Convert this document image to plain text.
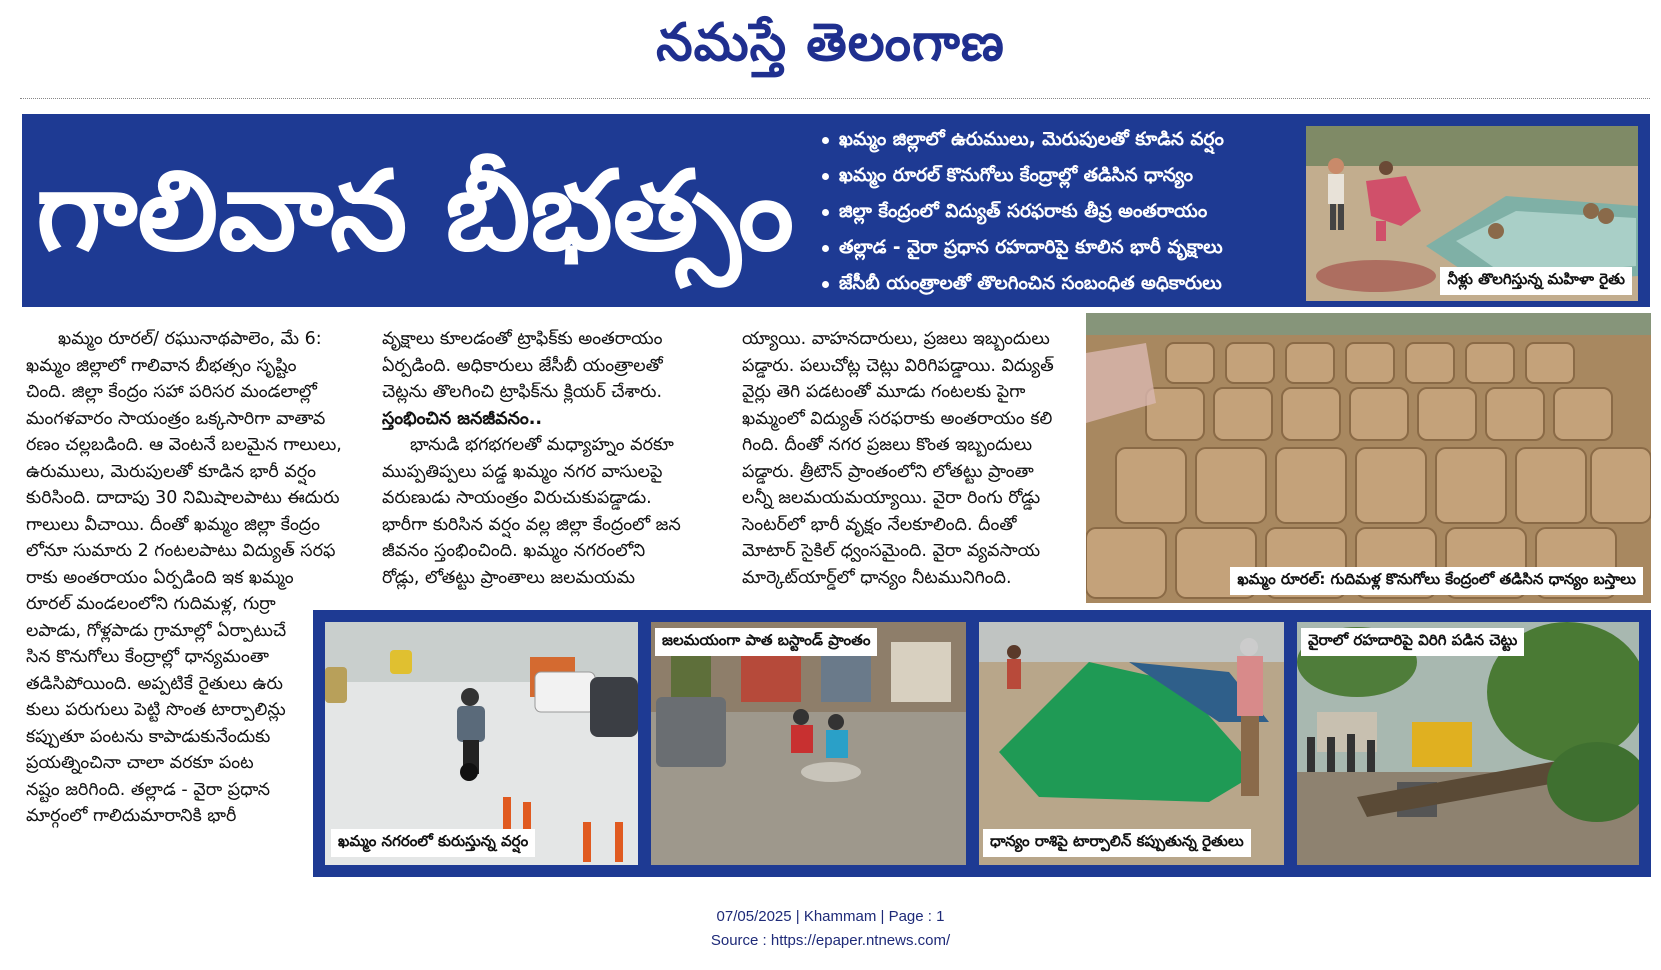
నమస్తే తెలంగాణ
గాలివాన బీభత్సం
ఖమ్మం జిల్లాలో ఉరుములు, మెరుపులతో కూడిన వర్షం
ఖమ్మం రూరల్ కొనుగోలు కేంద్రాల్లో తడిసిన ధాన్యం
జిల్లా కేంద్రంలో విద్యుత్ సరఫరాకు తీవ్ర అంతరాయం
తల్లాడ - వైరా ప్రధాన రహదారిపై కూలిన భారీ వృక్షాలు
జేసీబీ యంత్రాలతో తొలగించిన సంబంధిత అధికారులు	నీళ్లు తొలగిస్తున్న మహిళా రైతు
ఖమ్మం రూరల్/ రఘునాథపాలెం, మే 6:
ఖమ్మం జిల్లాలో గాలివాన బీభత్సం సృష్టిం
చింది. జిల్లా కేంద్రం సహా పరిసర మండలాల్లో
మంగళవారం సాయంత్రం ఒక్కసారిగా వాతావ
రణం చల్లబడింది. ఆ వెంటనే బలమైన గాలులు,
ఉరుములు, మెరుపులతో కూడిన భారీ వర్షం
కురిసింది. దాదాపు 30 నిమిషాలపాటు ఈదురు
గాలులు వీచాయి. దీంతో ఖమ్మం జిల్లా కేంద్రం
లోనూ సుమారు 2 గంటలపాటు విద్యుత్ సరఫ
రాకు అంతరాయం ఏర్పడింది ఇక ఖమ్మం
రూరల్ మండలంలోని గుదిమళ్ల, గుర్రా
లపాడు, గోళ్లపాడు గ్రామాల్లో ఏర్పాటుచే
సిన కొనుగోలు కేంద్రాల్లో ధాన్యమంతా
తడిసిపోయింది. అప్పటికే రైతులు ఉరు
కులు పరుగులు పెట్టి సొంత టార్పాలిన్లు
కప్పుతూ పంటను కాపాడుకునేందుకు
ప్రయత్నించినా చాలా వరకూ పంట
నష్టం జరిగింది. తల్లాడ - వైరా ప్రధాన
మార్గంలో గాలిదుమారానికి భారీ
వృక్షాలు కూలడంతో ట్రాఫిక్‌కు అంతరాయం
ఏర్పడింది. అధికారులు జేసీబీ యంత్రాలతో
చెట్లను తొలగించి ట్రాఫిక్‌ను క్లియర్ చేశారు.
స్తంభించిన జనజీవనం..
భానుడి భగభగలతో మధ్యాహ్నం వరకూ
ముప్పతిప్పలు పడ్డ ఖమ్మం నగర వాసులపై
వరుణుడు సాయంత్రం విరుచుకుపడ్డాడు.
భారీగా కురిసిన వర్షం వల్ల జిల్లా కేంద్రంలో జన
జీవనం స్తంభించింది. ఖమ్మం నగరంలోని
రోడ్లు, లోతట్టు ప్రాంతాలు జలమయమ
య్యాయి. వాహనదారులు, ప్రజలు ఇబ్బందులు
పడ్డారు. పలుచోట్ల చెట్లు విరిగిపడ్డాయి. విద్యుత్
వైర్లు తెగి పడటంతో మూడు గంటలకు పైగా
ఖమ్మంలో విద్యుత్ సరఫరాకు అంతరాయం కలి
గింది. దీంతో నగర ప్రజలు కొంత ఇబ్బందులు
పడ్డారు. త్రీటౌన్ ప్రాంతంలోని లోతట్టు ప్రాంతా
లన్నీ జలమయమయ్యాయి. వైరా రింగు రోడ్డు
సెంటర్‌లో భారీ వృక్షం నేలకూలింది. దీంతో
మోటార్ సైకిల్ ధ్వంసమైంది. వైరా వ్యవసాయ
మార్కెట్‌యార్డ్‌లో ధాన్యం నీటమునిగింది.	ఖమ్మం రూరల్: గుదిమళ్ల కొనుగోలు కేంద్రంలో తడిసిన ధాన్యం బస్తాలు
ఖమ్మం నగరంలో కురుస్తున్న వర్షం
జలమయంగా పాత బస్టాండ్ ప్రాంతం
ధాన్యం రాశిపై టార్పాలిన్ కప్పుతున్న రైతులు
వైరాలో రహదారిపై విరిగి పడిన చెట్టు
07/05/2025 | Khammam | Page : 1
Source : https://epaper.ntnews.com/
